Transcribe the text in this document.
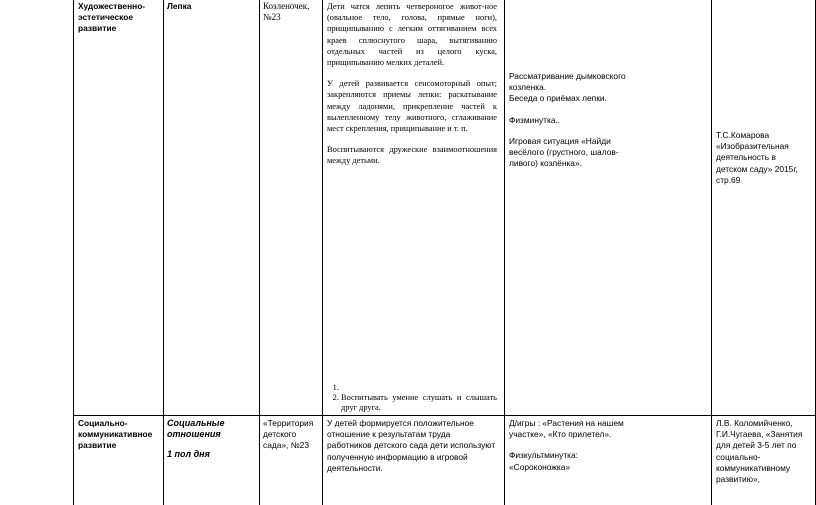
Художественно-эстетическое развитие
Лепка	Козленочек, №23

Дети чатся лепить четвероногое живот-ное (овальное тело, голова, прямые ноги), прищипыванию с легким оттягиванием всех краев сплюснутого шара, вытягиванию отдельных частей из целого куска, прищипыванию мелких деталей.

У детей развивается сенсомоторный опыт; закрепляются приемы лепки: раскатывание между ладонями, прикрепление частей к вылепленному телу животного, сглаживание мест скрепления, прищипывание и т. п.

Воспитываются дружеские взаимоотношения между детьми.

1.
2. Воспитывать умение слушать и слышать друг друга.

Рассматривание дымковского козленка.

Беседа о приёмах лепки.

Физминутка..

Игровая ситуация «Найди весёлого (грустного, шалов-ливого) козлёнка».

Т.С.Комарова «Изобразительная деятельность в детском саду» 2015г, стр.69
Социально-коммуникативное развитие
Социальные отношения
1 пол дня
«Территория детского сада», №23
У детей формируется положительное отношение к результатам труда работников детского сада дети используют полученную информацию в игровой деятельности.

Д/игры : «Растения на нашем участке», «Кто прилетел».

Физкультминутка: «Сороконожка»

Л.В. Коломийченко, Г.И.Чугаева, «Занятия для детей 3-5 лет по социально-коммуникативному развитию»,
